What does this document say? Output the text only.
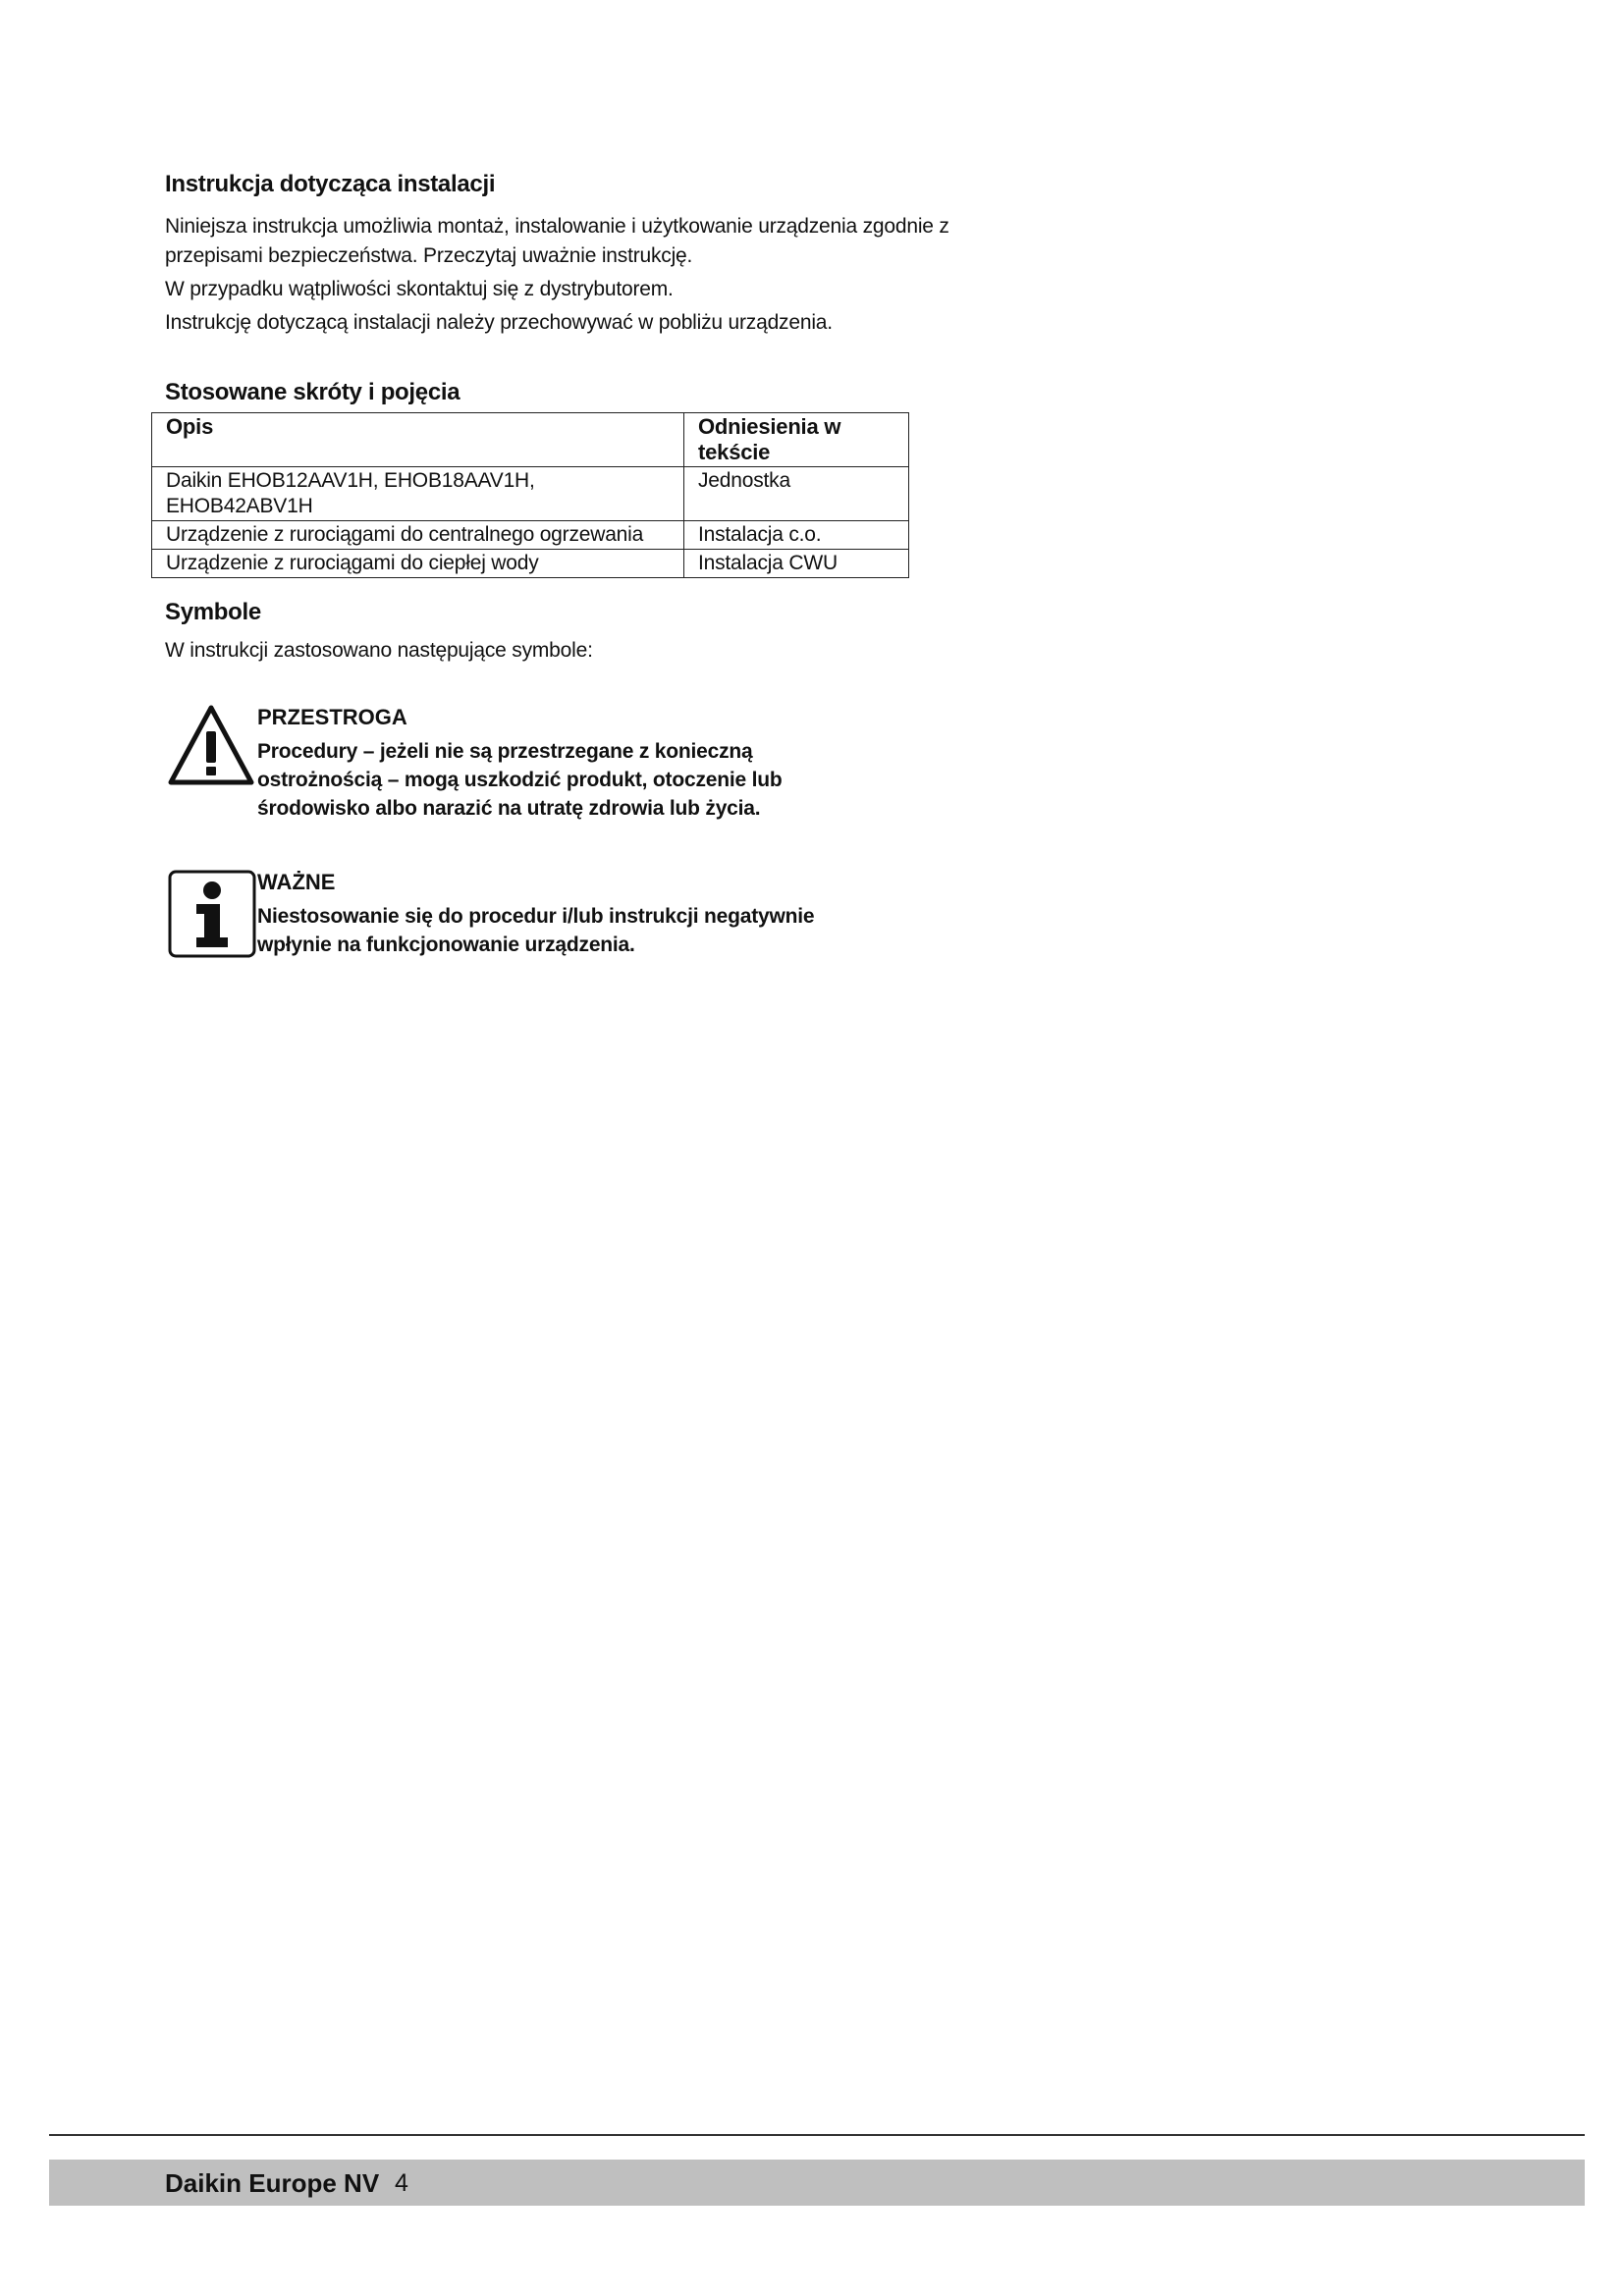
Instrukcja dotycząca instalacji

Niniejsza instrukcja umożliwia montaż, instalowanie i użytkowanie urządzenia zgodnie z przepisami bezpieczeństwa. Przeczytaj uważnie instrukcję.

W przypadku wątpliwości skontaktuj się z dystrybutorem.

Instrukcję dotyczącą instalacji należy przechowywać w pobliżu urządzenia.

Stosowane skróty i pojęcia
Opis	Odniesienia w tekście
Daikin EHOB12AAV1H, EHOB18AAV1H, EHOB42ABV1H	Jednostka
Urządzenie z rurociągami do centralnego ogrzewania	Instalacja c.o.
Urządzenie z rurociągami do ciepłej wody	Instalacja CWU
Symbole

W instrukcji zastosowano następujące symbole:

PRZESTROGA

Procedury – jeżeli nie są przestrzegane z konieczną ostrożnością – mogą uszkodzić produkt, otoczenie lub środowisko albo narazić na utratę zdrowia lub życia.

WAŻNE

Niestosowanie się do procedur i/lub instrukcji negatywnie wpłynie na funkcjonowanie urządzenia.

Daikin Europe NV 4
